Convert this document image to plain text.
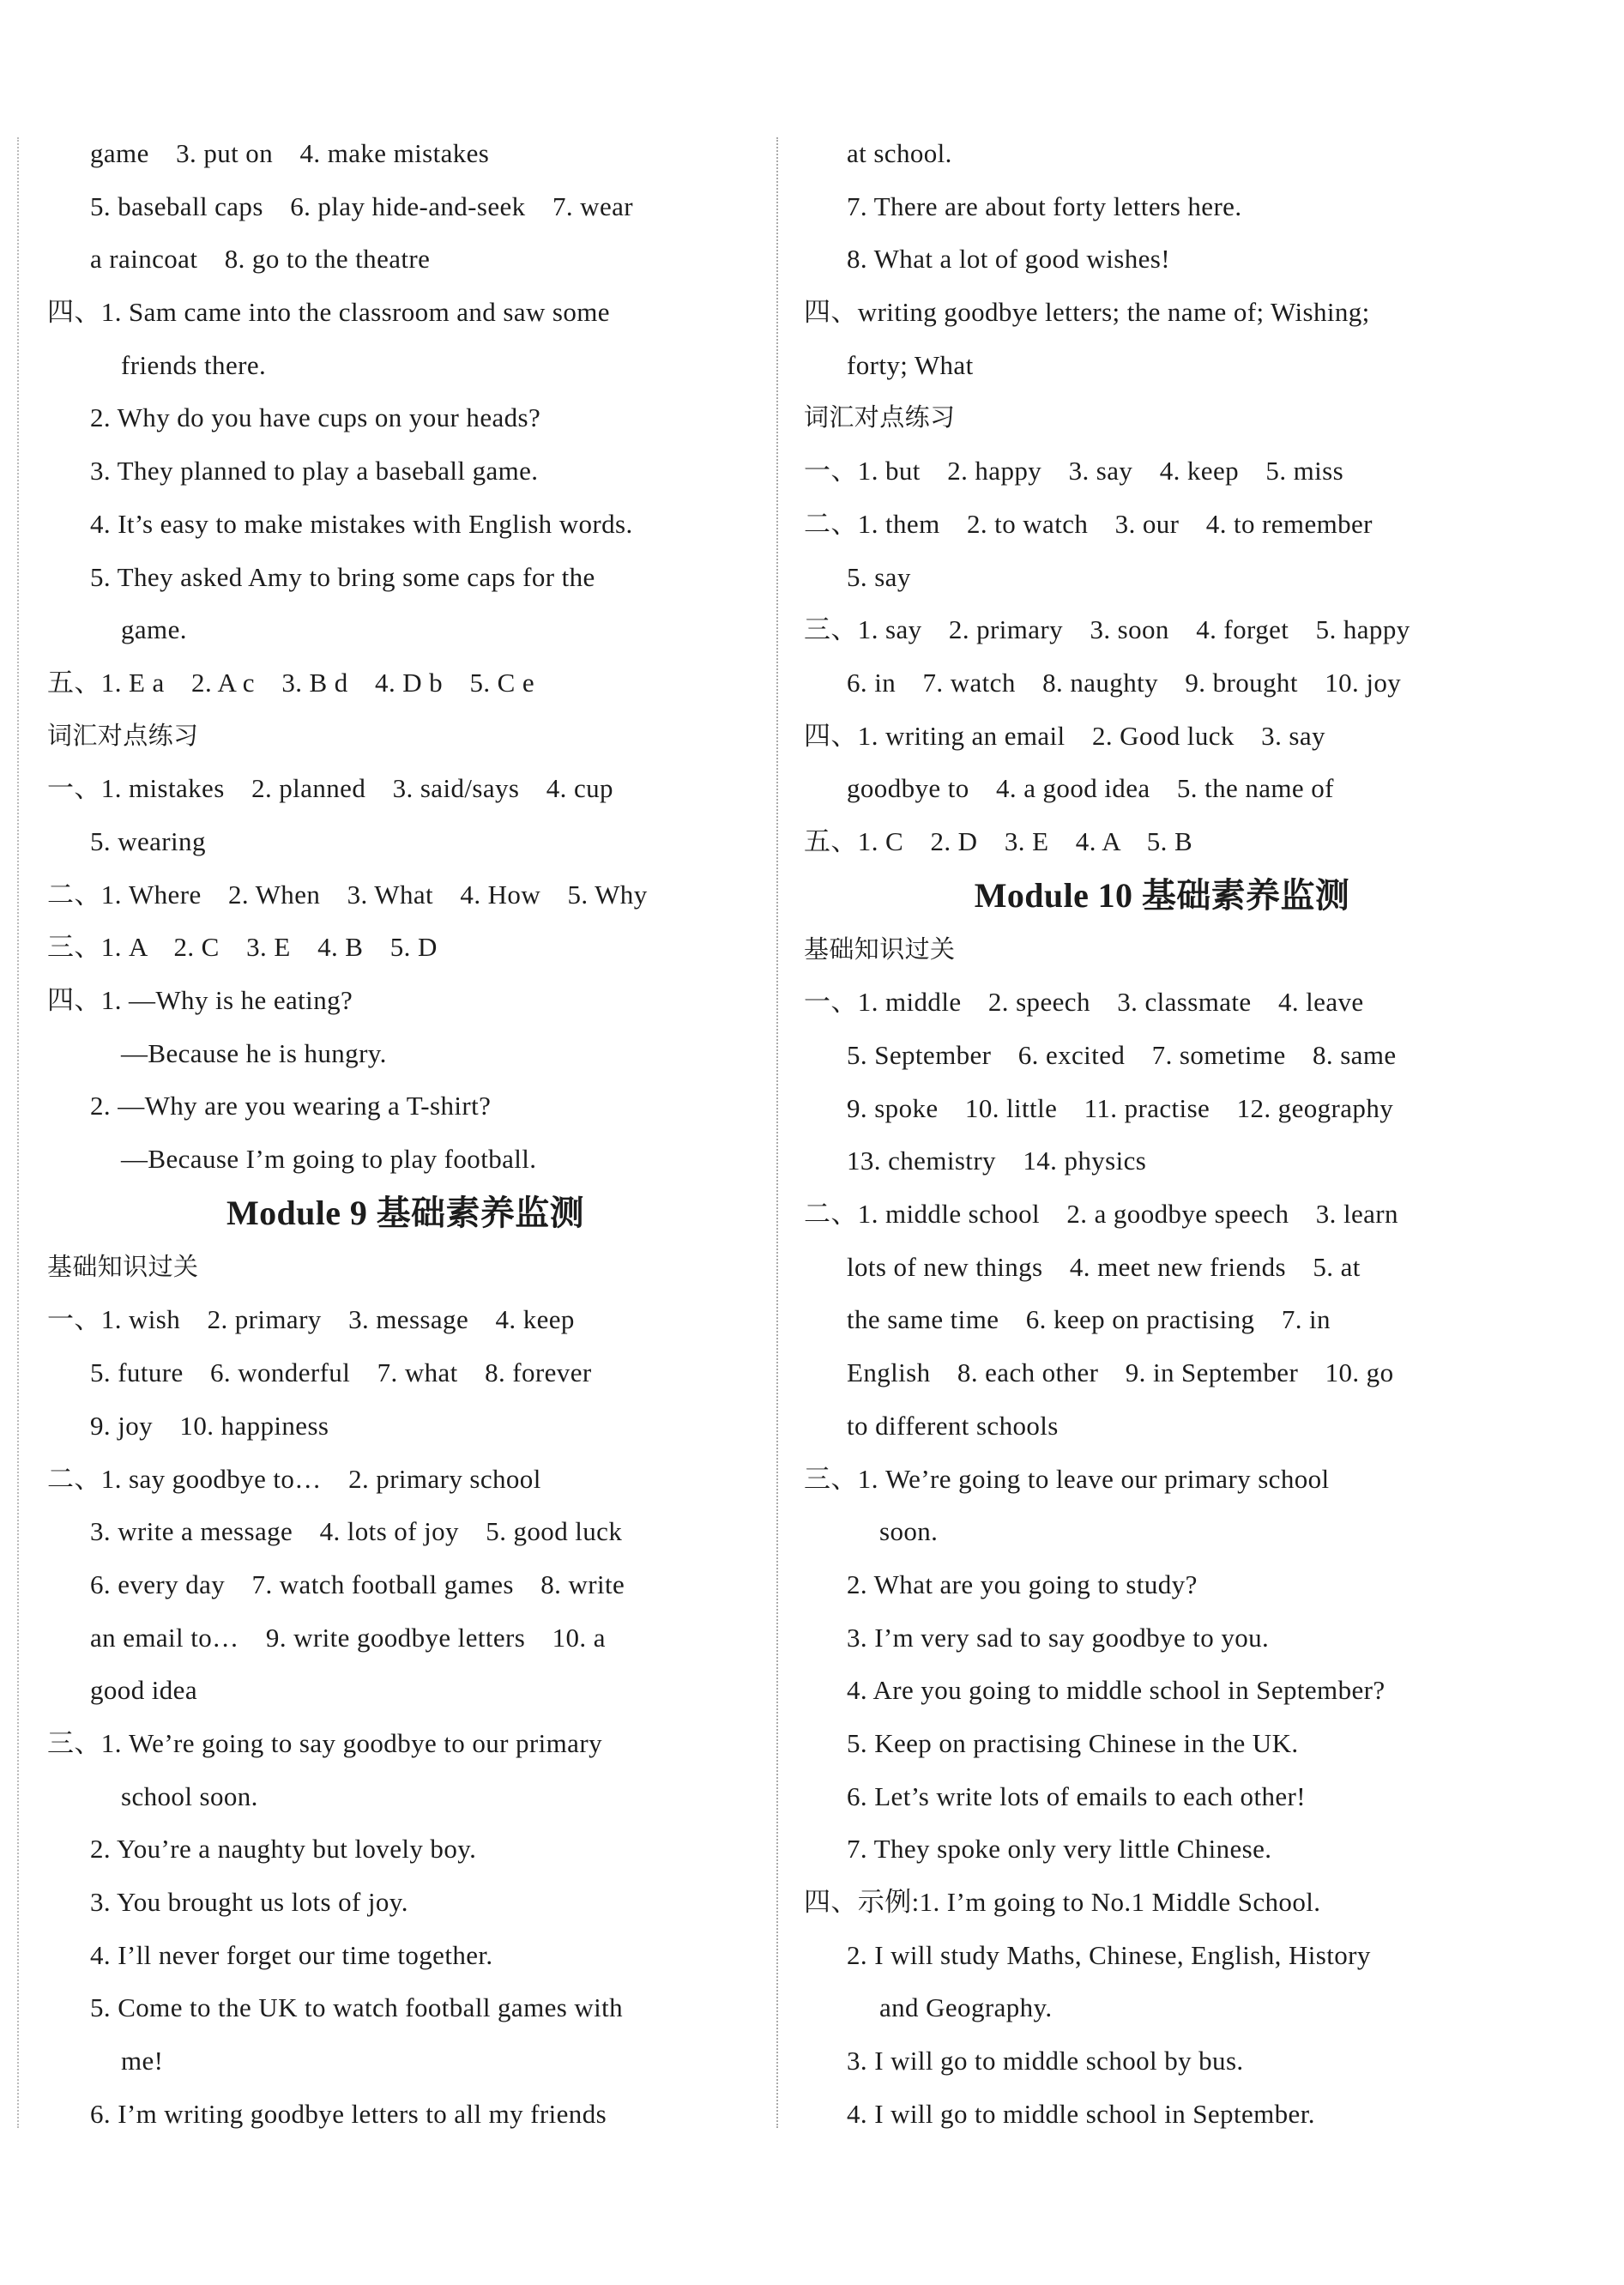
game　3. put on　4. make mistakes
5. baseball caps　6. play hide-and-seek　7. wear
a raincoat　8. go to the theatre
四、1. Sam came into the classroom and saw some
friends there.
2. Why do you have cups on your heads?
3. They planned to play a baseball game.
4. It’s easy to make mistakes with English words.
5. They asked Amy to bring some caps for the
game.
五、1. E a　2. A c　3. B d　4. D b　5. C e
词汇对点练习
一、1. mistakes　2. planned　3. said/says　4. cup
5. wearing
二、1. Where　2. When　3. What　4. How　5. Why
三、1. A　2. C　3. E　4. B　5. D
四、1. —Why is he eating?
—Because he is hungry.
2. —Why are you wearing a T-shirt?
—Because I’m going to play football.
Module 9 基础素养监测
基础知识过关
一、1. wish　2. primary　3. message　4. keep
5. future　6. wonderful　7. what　8. forever
9. joy　10. happiness
二、1. say goodbye to…　2. primary school
3. write a message　4. lots of joy　5. good luck
6. every day　7. watch football games　8. write
an email to…　9. write goodbye letters　10. a
good idea
三、1. We’re going to say goodbye to our primary
school soon.
2. You’re a naughty but lovely boy.
3. You brought us lots of joy.
4. I’ll never forget our time together.
5. Come to the UK to watch football games with
me!
6. I’m writing goodbye letters to all my friends
at school.
7. There are about forty letters here.
8. What a lot of good wishes!
四、writing goodbye letters; the name of; Wishing;
forty; What
词汇对点练习
一、1. but　2. happy　3. say　4. keep　5. miss
二、1. them　2. to watch　3. our　4. to remember
5. say
三、1. say　2. primary　3. soon　4. forget　5. happy
6. in　7. watch　8. naughty　9. brought　10. joy
四、1. writing an email　2. Good luck　3. say
goodbye to　4. a good idea　5. the name of
五、1. C　2. D　3. E　4. A　5. B
Module 10 基础素养监测
基础知识过关
一、1. middle　2. speech　3. classmate　4. leave
5. September　6. excited　7. sometime　8. same
9. spoke　10. little　11. practise　12. geography
13. chemistry　14. physics
二、1. middle school　2. a goodbye speech　3. learn
lots of new things　4. meet new friends　5. at
the same time　6. keep on practising　7. in
English　8. each other　9. in September　10. go
to different schools
三、1. We’re going to leave our primary school
soon.
2. What are you going to study?
3. I’m very sad to say goodbye to you.
4. Are you going to middle school in September?
5. Keep on practising Chinese in the UK.
6. Let’s write lots of emails to each other!
7. They spoke only very little Chinese.
四、示例:1. I’m going to No.1 Middle School.
2. I will study Maths, Chinese, English, History
and Geography.
3. I will go to middle school by bus.
4. I will go to middle school in September.
